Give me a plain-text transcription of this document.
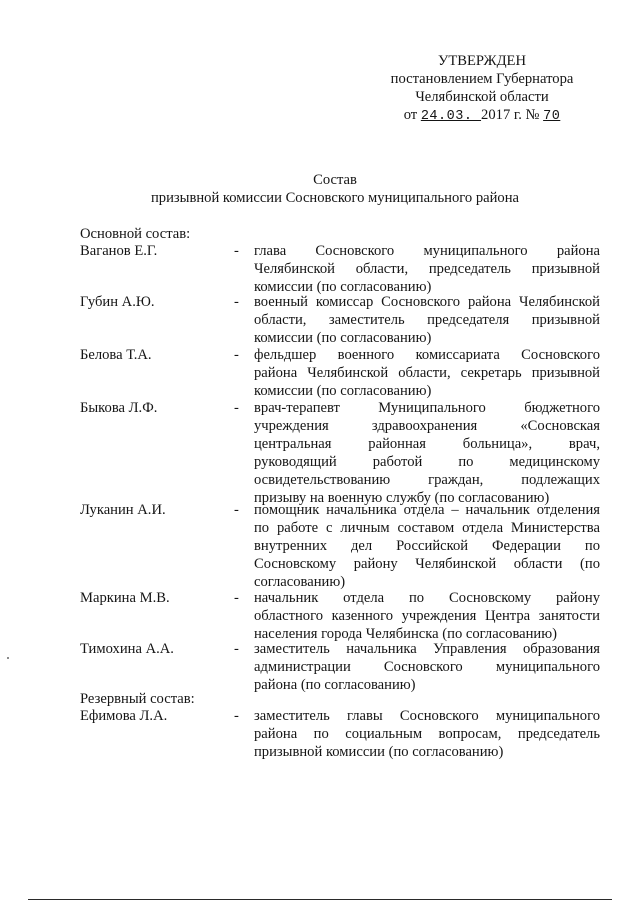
УТВЕРЖДЕН
постановлением Губернатора
Челябинской области
от 24.03. 2017 г. № 70
Состав
призывной комиссии Сосновского муниципального района
Основной состав:
Ваганов Е.Г.	- глава Сосновского муниципального района
Челябинской области, председатель призывной
комиссии (по согласованию)
Губин А.Ю.	- военный комиссар Сосновского района Челябинской
области, заместитель председателя призывной
комиссии (по согласованию)
Белова Т.А.	- фельдшер военного комиссариата Сосновского
района Челябинской области, секретарь призывной
комиссии (по согласованию)
Быкова Л.Ф.	- врач-терапевт Муниципального бюджетного
учреждения здравоохранения «Сосновская
центральная районная больница», врач,
руководящий работой по медицинскому
освидетельствованию граждан, подлежащих
призыву на военную службу (по согласованию)
Луканин А.И.	- помощник начальника отдела – начальник отделения
по работе с личным составом отдела Министерства
внутренних дел Российской Федерации по
Сосновскому району Челябинской области (по
согласованию)
Маркина М.В.	- начальник отдела по Сосновскому району
областного казенного учреждения Центра занятости
населения города Челябинска (по согласованию)
Тимохина А.А.	- заместитель начальника Управления образования
администрации Сосновского муниципального
района (по согласованию)
Резервный состав:
Ефимова Л.А.	- заместитель главы Сосновского муниципального
района по социальным вопросам, председатель
призывной комиссии (по согласованию)
